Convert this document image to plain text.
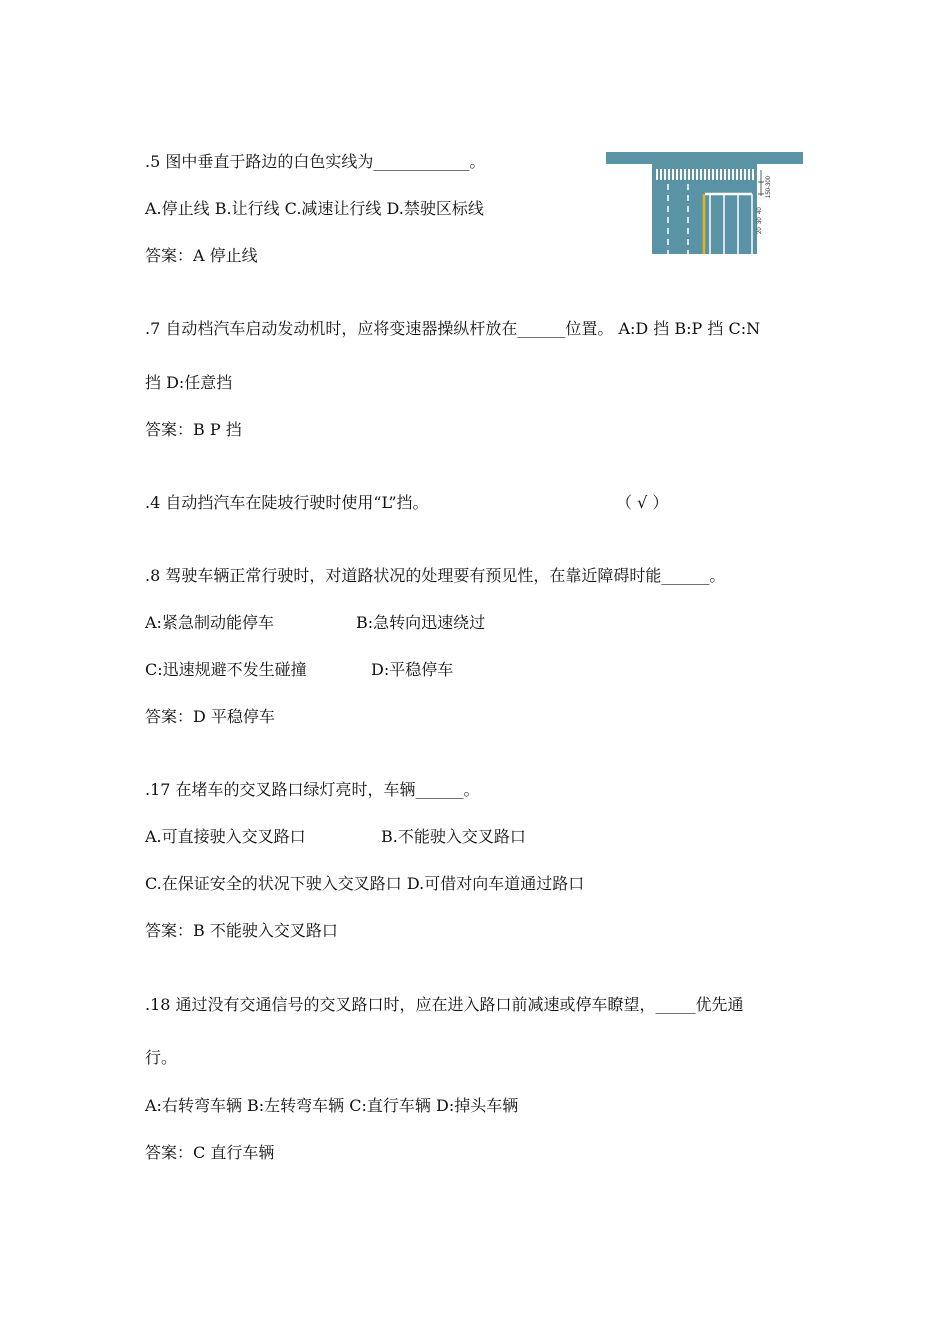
.5 图中垂直于路边的白色实线为____________。
A.停止线 B.让行线 C.减速让行线 D.禁驶区标线
答案：A 停止线
150-300
20
30
40
.7 自动档汽车启动发动机时，应将变速器操纵杆放在______位置。 A:D 挡 B:P 挡 C:N
挡 D:任意挡
答案：B P 挡
.4 自动挡汽车在陡坡行驶时使用“L”挡。	（ √ ）
.8 驾驶车辆正常行驶时，对道路状况的处理要有预见性，在靠近障碍时能______。
A:紧急制动能停车	B:急转向迅速绕过
C:迅速规避不发生碰撞	D:平稳停车
答案：D 平稳停车
.17 在堵车的交叉路口绿灯亮时，车辆______。
A.可直接驶入交叉路口	B.不能驶入交叉路口
C.在保证安全的状况下驶入交叉路口 D.可借对向车道通过路口
答案：B 不能驶入交叉路口
.18 通过没有交通信号的交叉路口时，应在进入路口前减速或停车瞭望，_____优先通
行。
A:右转弯车辆 B:左转弯车辆 C:直行车辆 D:掉头车辆
答案：C 直行车辆
